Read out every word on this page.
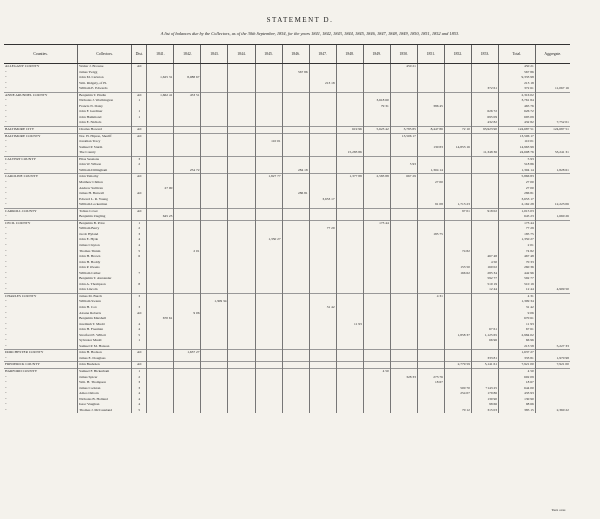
STATEMENT D.
A list of balances due by the Collectors, as of the 30th September, 1854, for the years 1841, 1842, 1843, 1844, 1845, 1846, 1847, 1848, 1849, 1850, 1851, 1852 and 1853.
Counties.	Collectors.	Dist.	1841.	1842.	1843.	1844.	1845.	1846.	1847.	1848.	1849.	1850.	1851.	1852.	1853.	Total.	Aggregate.
ALLEGANY COUNTY	Walter J. Browne	All										450 21				450 21	
"	James Twigg							567 86								567 86	
"	John M. Carleton		1,625 31	8,088 67												9,333 98	
"	Wm. Ridgely, of El.								213 18							213 18	
"	William E. Edwards														372 61	372 61	11,067 16
ANNE ARUNDEL COUNTY	Benjamin T. Pindle	All	1,662 41	453 51												2,316 02	
"	Nicholas J. Worthington	1									3,618 60					3,761 84	
"	Francis N. Daley										79 31		386 45			465 76	
"	John F. Gardiner	1													626 72	626 72	
"	John Hammond	1													695 09	695 09	
"	John E. Nichols														432 82	432 82	7,752 01
BALTIMORE CITY	Charles Howard	All								619 96	5,623 42	3,785 85	8,447 86	72 10	93,923 90	124,687 51	124,687 51
BALTIMORE COUNTY	Nor. H. Hipton, Sheriff	All										13,506 17				13,506 17	
"	Jonathan Tracy						110 01									110 01	
"	Samuel P. Sturm												130 83	14,853 16		14,963 99	
"	The County									15,283 86					11,348 36	24,608 76	53,241 31
CALVERT COUNTY	Elias Sessions	3														5 93	
"	John W. Wilson	2										5 93				518 86	
"	William Dillingham			254 72				284 18					1,304 14			1,304 14	1,828 61
CAROLINE COUNTY	John Timothy	All					1,827 77			1,377 88	2,583 88	667 29				5,866 83	
"	Matthew Chilton												27 00			27 00	
"	Andrew Sullivan		27 00													27 00	
"	James H. Burwell	All						286 81								286 81	
"	Edward L. R. Young								3,653 17							3,653 17	
"	William Lockerman												91 08	1,713 23		2,162 28	12,223 06
CARROLL COUNTY	Tobias Cover	All												97 01	918 02	1,015 03	
"	Benjamin Ziegling		645 23													645 23	1,660 26
CECIL COUNTY	Benjamin B. Price	1									173 44					173 44	
"	William Berry	2							77 29							77 29	
"	Jacob Hyland	3											185 75			185 75	
"	John E. Hyde	4					1,350 27									1,350 27	
"	James Clayton	4														2 01	
"	Thomas Tinnin	5		2 01										74 82		74 82	
"	John H. Brown	6													467 48	467 48	
"	John H. Boddy														4 50	70 33	
"	John P. Owens													153 50	160 02	260 36	
"	William Cather	7												166 62	285 34	442 96	
"	Benjamin T. Alexander														592 77	592 77	
"	John A. Thompson	8													510 19	510 19	
"	John Lincoln														12 44	12 44	4,909 50
CHARLES COUNTY	James M. Burch	3											4 31			4 31	
"	William Swann				1,309 34											1,309 34	
"	John H. Cox	3							31 42							31 42	
"	Aloane Roberts	All		9 06												9 06	
"	Benjamin Marshall		670 61													670 61	
"	Jeremiah T. Mudd	4								11 93						11 93	
"	John H. Freeman	4													67 61	67 61	
"	Stratford E. Willett	5												1,858 37	1,125 65	2,984 02	
"	Sylvester Mudd	1													66 96	66 96	
"	Samuel P. M. Hanson															213 58	5,227 33
DORCHESTER COUNTY	John H. Hodson	All		1,637 27												1,637 27	
"	James E. Douglass														333 81	333 81	1,970 98
FREDERICK COUNTY	John Basholen	All												2,779 59	5,141 61	7,921 00	7,921 00
HARFORD COUNTY	Samuel F. Bickerham	1									4 50					4 50	
"	James Spicer	2										328 33	273 76			602 09	
"	Wm. H. Thompson	3											18 67			18 67	
"	James Cockran	3												500 70	+143 25	644 00	
"	Amos Osborn	4												254 07	179 86	433 93	
"	Nicholas B. Holland	4													130 90	130 90	
"	Isaac Vaughan	4													98 66	98 66	
"	Thomas J. McCausland	5												70 12	315 03	385 15	2,360 22
Turn over.
